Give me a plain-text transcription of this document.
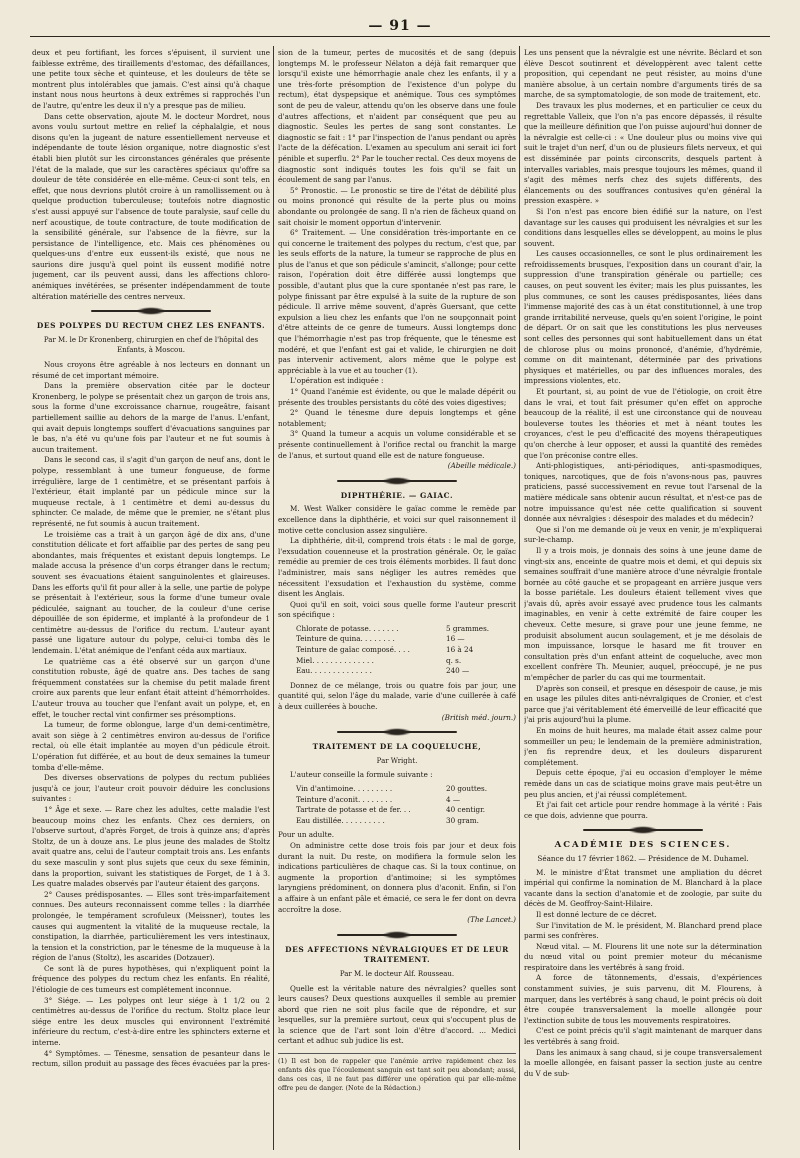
— 91 —

deux et peu fortifiant, les forces s'épuisent, il survient une faiblesse extrême, des tiraillements d'estomac, des défaillances, une petite toux sèche et quinteuse, et les douleurs de tête se montrent plus intolérables que jamais. C'est ainsi qu'à chaque instant nous nous heurtons à deux extrêmes si rapprochés l'un de l'autre, qu'entre les deux il n'y a presque pas de milieu.

Dans cette observation, ajoute M. le docteur Mordret, nous avons voulu surtout mettre en relief la céphalalgie, et nous disons qu'en la jugeant de nature essentiellement nerveuse et indépendante de toute lésion organique, notre diagnostic s'est établi bien plutôt sur les circonstances générales que présente l'état de la malade, que sur les caractères spéciaux qu'offre sa douleur de tête considérée en elle-même. Ceux-ci sont tels, en effet, que nous devrions plutôt croire à un ramollissement ou à quelque production tuberculeuse; toutefois notre diagnostic s'est aussi appuyé sur l'absence de toute paralysie, sauf celle du nerf acoustique, de toute contracture, de toute modification de la sensibilité générale, sur l'absence de la fièvre, sur la persistance de l'intelligence, etc. Mais ces phénomènes ou quelques-uns d'entre eux eussent-ils existé, que nous ne saurions dire jusqu'à quel point ils eussent modifié notre jugement, car ils peuvent aussi, dans les affections chloro-anémiques invétérées, se présenter indépendamment de toute altération matérielle des centres nerveux.

DES POLYPES DU RECTUM CHEZ LES ENFANTS.
Par M. le Dr Kronenberg, chirurgien en chef de l'hôpital des Enfants, à Moscou.

Nous croyons être agréable à nos lecteurs en donnant un résumé de cet important mémoire.

Dans la première observation citée par le docteur Kronenberg, le polype se présentait chez un garçon de trois ans, sous la forme d'une excroissance charnue, rougeâtre, faisant partiellement saillie au dehors de la marge de l'anus. L'enfant, qui avait depuis longtemps souffert d'évacuations sanguines par le bas, n'a été vu qu'une fois par l'auteur et ne fut soumis à aucun traitement.

Dans le second cas, il s'agit d'un garçon de neuf ans, dont le polype, ressemblant à une tumeur fongueuse, de forme irrégulière, large de 1 centimètre, et se présentant parfois à l'extérieur, était implanté par un pédicule mince sur la muqueuse rectale, à 1 centimètre et demi au-dessus du sphincter. Ce malade, de même que le premier, ne s'étant plus représenté, ne fut soumis à aucun traitement.

Le troisième cas a trait à un garçon âgé de dix ans, d'une constitution délicate et fort affaiblie par des pertes de sang peu abondantes, mais fréquentes et existant depuis longtemps. Le malade accusa la présence d'un corps étranger dans le rectum; souvent ses évacuations étaient sanguinolentes et glaireuses. Dans les efforts qu'il fit pour aller à la selle, une partie de polype se présentait à l'extérieur, sous la forme d'une tumeur ovale pédiculée, saignant au toucher, de la couleur d'une cerise dépouillée de son épiderme, et implanté à la profondeur de 1 centimètre au-dessus de l'orifice du rectum. L'auteur ayant passé une ligature autour du polype, celui-ci tomba dès le lendemain. L'état anémique de l'enfant céda aux martiaux.

Le quatrième cas a été observé sur un garçon d'une constitution robuste, âgé de quatre ans. Des taches de sang fréquemment constatées sur la chemise du petit malade firent croire aux parents que leur enfant était atteint d'hémorrhoïdes. L'auteur trouva au toucher que l'enfant avait un polype, et, en effet, le toucher rectal vint confirmer ses présomptions.

La tumeur, de forme oblongue, large d'un demi-centimètre, avait son siège à 2 centimètres environ au-dessus de l'orifice rectal, où elle était implantée au moyen d'un pédicule étroit. L'opération fut différée, et au bout de deux semaines la tumeur tomba d'elle-même.

Des diverses observations de polypes du rectum publiées jusqu'à ce jour, l'auteur croit pouvoir déduire les conclusions suivantes :

1° Âge et sexe. — Rare chez les adultes, cette maladie l'est beaucoup moins chez les enfants. Chez ces derniers, on l'observe surtout, d'après Forget, de trois à quinze ans; d'après Stoltz, de un à douze ans. Le plus jeune des malades de Stoltz avait quatre ans, celui de l'auteur comptait trois ans. Les enfants du sexe masculin y sont plus sujets que ceux du sexe féminin, dans la proportion, suivant les statistiques de Forget, de 1 à 3. Les quatre malades observés par l'auteur étaient des garçons.

2° Causes prédisposantes. — Elles sont très-imparfaitement connues. Des auteurs reconnaissent comme telles : la diarrhée prolongée, le tempérament scrofuleux (Meissner), toutes les causes qui augmentent la vitalité de la muqueuse rectale, la constipation, la diarrhée, particulièrement les vers intestinaux, la tension et la constriction, par le ténesme de la muqueuse à la région de l'anus (Stoltz), les ascarides (Dotzauer).

Ce sont là de pures hypothèses, qui n'expliquent point la fréquence des polypes du rectum chez les enfants. En réalité, l'étiologie de ces tumeurs est complétement inconnue.

3° Siége. — Les polypes ont leur siége à 1 1/2 ou 2 centimètres au-dessus de l'orifice du rectum. Stoltz place leur siége entre les deux muscles qui environnent l'extrémité inférieure du rectum, c'est-à-dire entre les sphincters externe et interne.

4° Symptômes. — Ténesme, sensation de pesanteur dans le rectum, sillon produit au passage des fèces évacuées par la pres-

sion de la tumeur, pertes de mucosités et de sang (depuis longtemps M. le professeur Nélaton a déjà fait remarquer que lorsqu'il existe une hémorrhagie anale chez les enfants, il y a une très-forte présomption de l'existence d'un polype du rectum), état dyspepsique et anémique. Tous ces symptômes sont de peu de valeur, attendu qu'on les observe dans une foule d'autres affections, et n'aident par conséquent que peu au diagnostic. Seules les pertes de sang sont constantes. Le diagnostic se fait : 1° par l'inspection de l'anus pendant ou après l'acte de la défécation. L'examen au speculum ani serait ici fort pénible et superflu. 2° Par le toucher rectal. Ces deux moyens de diagnostic sont indiqués toutes les fois qu'il se fait un écoulement de sang par l'anus.

5° Pronostic. — Le pronostic se tire de l'état de débilité plus ou moins prononcé qui résulte de la perte plus ou moins abondante ou prolongée de sang. Il n'a rien de fâcheux quand on sait choisir le moment opportun d'intervenir.

6° Traitement. — Une considération très-importante en ce qui concerne le traitement des polypes du rectum, c'est que, par les seuls efforts de la nature, la tumeur se rapproche de plus en plus de l'anus et que son pédicule s'amincit, s'allonge; pour cette raison, l'opération doit être différée aussi longtemps que possible, d'autant plus que la cure spontanée n'est pas rare, le polype finissant par être expulsé à la suite de la rupture de son pédicule. Il arrive même souvent, d'après Guersant, que cette expulsion a lieu chez les enfants que l'on ne soupçonnait point d'être atteints de ce genre de tumeurs. Aussi longtemps donc que l'hémorrhagie n'est pas trop fréquente, que le ténesme est modéré, et que l'enfant est gai et valide, le chirurgien ne doit pas intervenir activement, alors même que le polype est appréciable à la vue et au toucher (1).

L'opération est indiquée :

1° Quand l'anémie est évidente, ou que le malade dépérit ou présente des troubles persistants du côté des voies digestives;

2° Quand le ténesme dure depuis longtemps et gêne notablement;

3° Quand la tumeur a acquis un volume considérable et se présente continuellement à l'orifice rectal ou franchit la marge de l'anus, et surtout quand elle est de nature fongueuse.

(Abeille médicale.)
DIPHTHÉRIE. — GAIAC.

M. West Walker considère le gaïac comme le remède par excellence dans la diphthérie, et voici sur quel raisonnement il motive cette conclusion assez singulière.

La diphthérie, dit-il, comprend trois états : le mal de gorge, l'exsudation couenneuse et la prostration générale. Or, le gaïac remédie au premier de ces trois éléments morbides. Il faut donc l'administrer, mais sans négliger les autres remèdes que nécessitent l'exsudation et l'exhaustion du système, comme disent les Anglais.

Quoi qu'il en soit, voici sous quelle forme l'auteur prescrit son spécifique :

Chlorate de potasse. . . . . . .	5 grammes.
Teinture de quina. . . . . . . .	16 —
Teinture de gaïac composé. . . .	16 à 24
Miel. . . . . . . . . . . . . .	q. s.
Eau. . . . . . . . . . . . . .	240 —

Donnez de ce mélange, trois ou quatre fois par jour, une quantité qui, selon l'âge du malade, varie d'une cuillerée à café à deux cuillerées à bouche.

(British méd. journ.)
TRAITEMENT DE LA COQUELUCHE,
Par Wright.

L'auteur conseille la formule suivante :

Vin d'antimoine. . . . . . . . .	20 gouttes.
Teinture d'aconit. . . . . . . .	4 —
Tartrate de potasse et de fer. . .	40 centigr.
Eau distillée. . . . . . . . . .	30 gram.

Pour un adulte.

On administre cette dose trois fois par jour et deux fois durant la nuit. Du reste, on modifiera la formule selon les indications particulières de chaque cas. Si la toux continue, on augmente la proportion d'antimoine; si les symptômes laryngiens prédominent, on donnera plus d'aconit. Enfin, si l'on a affaire à un enfant pâle et émacié, ce sera le fer dont on devra accroître la dose.

(The Lancet.)
DES AFFECTIONS NÉVRALGIQUES ET DE LEUR TRAITEMENT.
Par M. le docteur Alf. Rousseau.

Quelle est la véritable nature des névralgies? quelles sont leurs causes? Deux questions auxquelles il semble au premier abord que rien ne soit plus facile que de répondre, et sur lesquelles, sur la première surtout, ceux qui s'occupent plus de la science que de l'art sont loin d'être d'accord. ... Medici certant et adhuc sub judice lis est.

(1) Il est bon de rappeler que l'anémie arrive rapidement chez les enfants dès que l'écoulement sanguin est tant soit peu abondant; aussi, dans ces cas, il ne faut pas différer une opération qui par elle-même offre peu de danger. (Note de la Rédaction.)

Les uns pensent que la névralgie est une névrite. Béclard et son élève Descot soutinrent et développèrent avec talent cette proposition, qui cependant ne peut résister, au moins d'une manière absolue, à un certain nombre d'arguments tirés de sa marche, de sa symptomatologie, de son mode de traitement, etc.

Des travaux les plus modernes, et en particulier ce ceux du regrettable Valleix, que l'on n'a pas encore dépassés, il résulte que la meilleure définition que l'on puisse aujourd'hui donner de la névralgie est celle-ci : « Une douleur plus ou moins vive qui suit le trajet d'un nerf, d'un ou de plusieurs filets nerveux, et qui est disséminée par points circonscrits, desquels partent à intervalles variables, mais presque toujours les mêmes, quand il s'agit des mêmes nerfs chez des sujets différents, des élancements ou des souffrances contusives qu'en général la pression exaspère. »

Si l'on n'est pas encore bien édifié sur la nature, on l'est davantage sur les causes qui produisent les névralgies et sur les conditions dans lesquelles elles se développent, au moins le plus souvent.

Les causes occasionnelles, ce sont le plus ordinairement les refroidissements brusques, l'exposition dans un courant d'air, la suppression d'une transpiration générale ou partielle; ces causes, on peut souvent les éviter; mais les plus puissantes, les plus communes, ce sont les causes prédisposantes, liées dans l'immense majorité des cas à un état constitutionnel, à une trop grande irritabilité nerveuse, quels qu'en soient l'origine, le point de départ. Or on sait que les constitutions les plus nerveuses sont celles des personnes qui sont habituellement dans un état de chlorose plus ou moins prononcé, d'anémie, d'hydrémie, comme on dit maintenant, déterminée par des privations physiques et matérielles, ou par des influences morales, des impressions violentes, etc.

Et pourtant, si, au point de vue de l'étiologie, on croit être dans le vrai, et tout fait présumer qu'en effet on approche beaucoup de la réalité, il est une circonstance qui de nouveau bouleverse toutes les théories et met à néant toutes les croyances, c'est le peu d'efficacité des moyens thérapeutiques qu'on cherche à leur opposer, et aussi la quantité des remèdes que l'on préconise contre elles.

Anti-phlogistiques, anti-périodiques, anti-spasmodiques, toniques, narcotiques, que de fois n'avons-nous pas, pauvres praticiens, passé successivement en revue tout l'arsenal de la matière médicale sans obtenir aucun résultat, et n'est-ce pas de notre impuissance qu'est née cette qualification si souvent donnée aux névralgies : désespoir des malades et du médecin?

Que si l'on me demande où je veux en venir, je m'expliquerai sur-le-champ.

Il y a trois mois, je donnais des soins à une jeune dame de vingt-six ans, enceinte de quatre mois et demi, et qui depuis six semaines souffrait d'une manière atroce d'une névralgie frontale bornée au côté gauche et se propageant en arrière jusque vers la bosse pariétale. Les douleurs étaient tellement vives que j'avais dû, après avoir essayé avec prudence tous les calmants imaginables, en venir à cette extrémité de faire couper les cheveux. Cette mesure, si grave pour une jeune femme, ne produisit absolument aucun soulagement, et je me désolais de mon impuissance, lorsque le hasard me fit trouver en consultation près d'un enfant atteint de coqueluche, avec mon excellent confrère Th. Meunier, auquel, préoccupé, je ne pus m'empêcher de parler du cas qui me tourmentait.

D'après son conseil, et presque en désespoir de cause, je mis en usage les pilules dites anti-névralgiques de Cronier, et c'est parce que j'ai véritablement été émerveillé de leur efficacité que j'ai pris aujourd'hui la plume.

En moins de huit heures, ma malade était assez calme pour sommeiller un peu; le lendemain de la première administration, j'en fis reprendre deux, et les douleurs disparurent complétement.

Depuis cette époque, j'ai eu occasion d'employer le même remède dans un cas de sciatique moins grave mais peut-être un peu plus ancien, et j'ai réussi complétement.

Et j'ai fait cet article pour rendre hommage à la vérité : Fais ce que dois, advienne que pourra.

ACADÉMIE DES SCIENCES.
Séance du 17 février 1862. — Présidence de M. Duhamel.

M. le ministre d'État transmet une ampliation du décret impérial qui confirme la nomination de M. Blanchard à la place vacante dans la section d'anatomie et de zoologie, par suite du décès de M. Geoffroy-Saint-Hilaire.

Il est donné lecture de ce décret.

Sur l'invitation de M. le président, M. Blanchard prend place parmi ses confrères.

Nœud vital. — M. Flourens lit une note sur la détermination du nœud vital ou point premier moteur du mécanisme respiratoire dans les vertébrés à sang froid.

A force de tâtonnements, d'essais, d'expériences constamment suivies, je suis parvenu, dit M. Flourens, à marquer, dans les vertébrés à sang chaud, le point précis où doit être coupée transversalement la moelle allongée pour l'extinction subite de tous les mouvements respiratoires.

C'est ce point précis qu'il s'agit maintenant de marquer dans les vertébrés à sang froid.

Dans les animaux à sang chaud, si je coupe transversalement la moelle allongée, en faisant passer la section juste au centre du V de sub-
